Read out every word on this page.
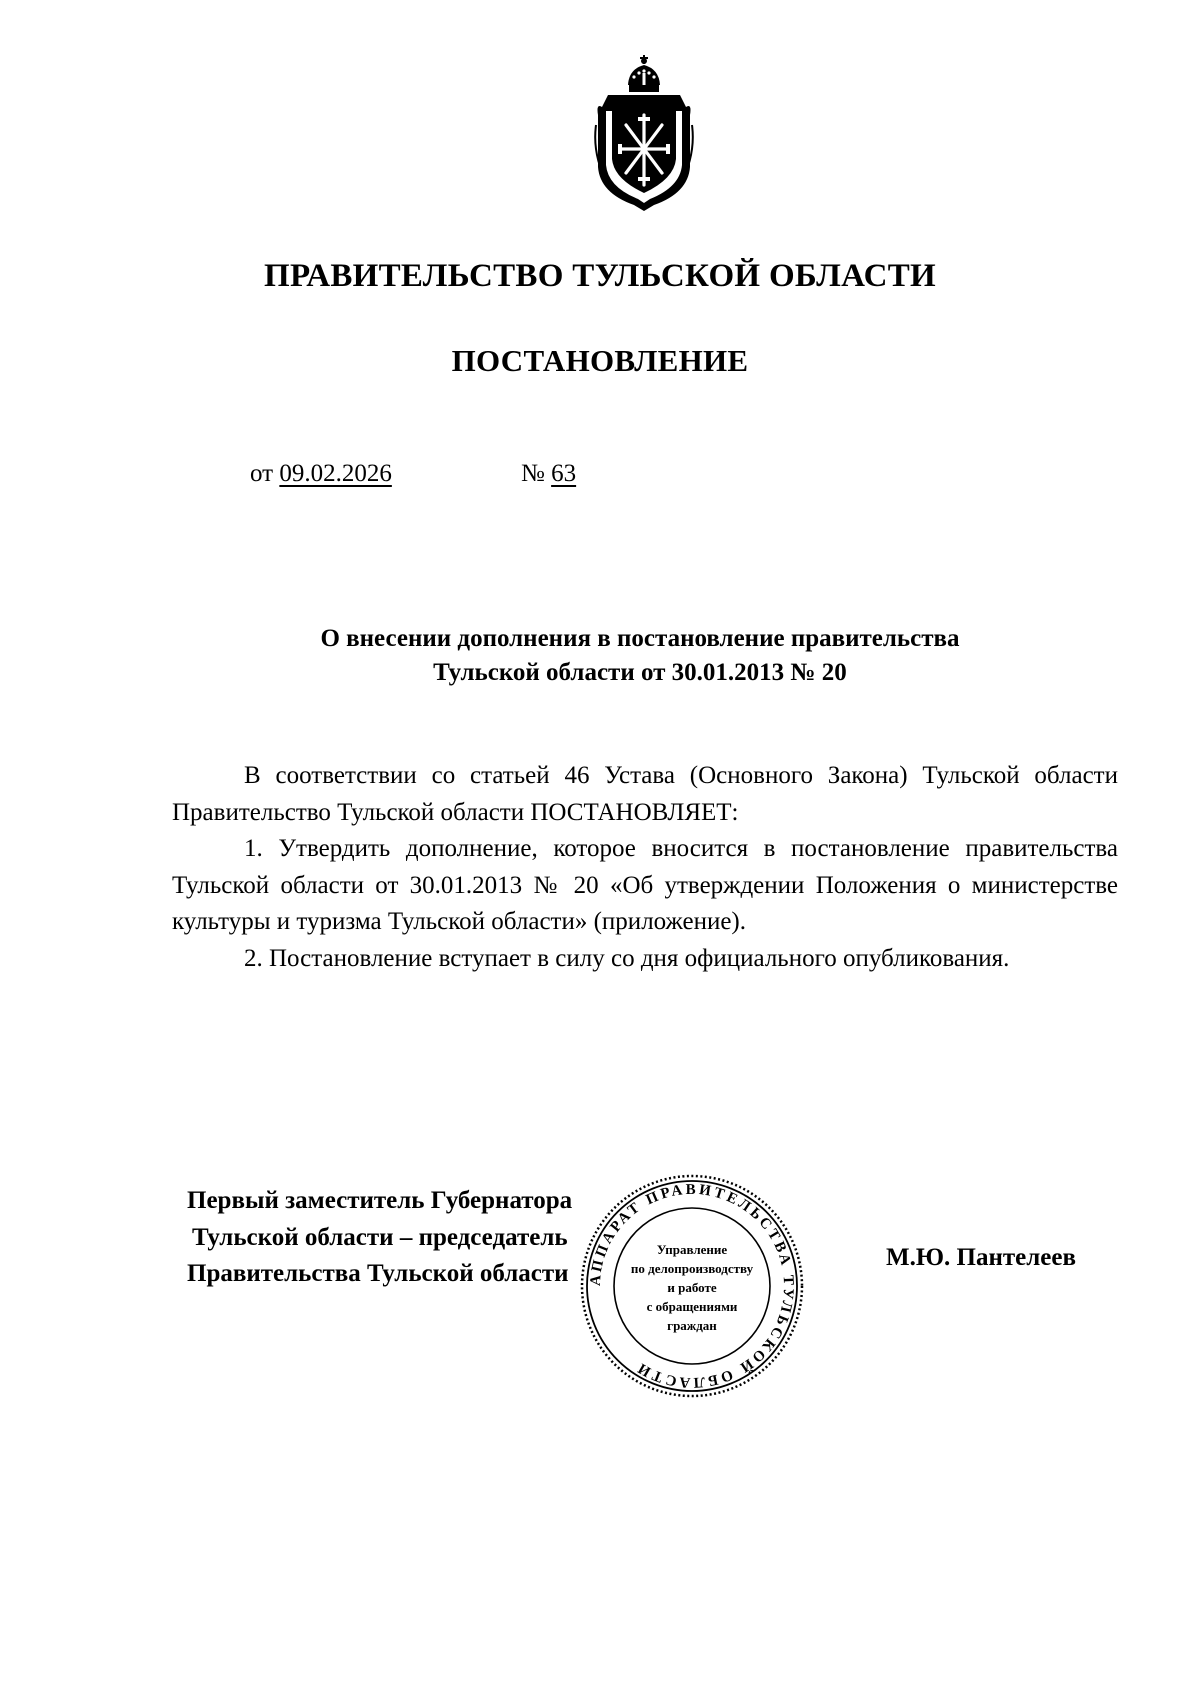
ПРАВИТЕЛЬСТВО ТУЛЬСКОЙ ОБЛАСТИ
ПОСТАНОВЛЕНИЕ
от 09.02.2026	№ 63
О внесении дополнения в постановление правительства
Тульской области от 30.01.2013 № 20

В соответствии со статьей 46 Устава (Основного Закона) Тульской области Правительство Тульской области ПОСТАНОВЛЯЕТ:

1. Утвердить дополнение, которое вносится в постановление правительства Тульской области от 30.01.2013 № 20 «Об утверждении Положения о министерстве культуры и туризма Тульской области» (приложение).

2. Постановление вступает в силу со дня официального опубликования.

Первый заместитель Губернатора
Тульской области – председатель
Правительства Тульской области
М.Ю. Пантелеев
АППАРАТ ПРАВИТЕЛЬСТВА ТУЛЬСКОЙ ОБЛАСТИ
Управление
по делопроизводству
и работе
с обращениями
граждан
